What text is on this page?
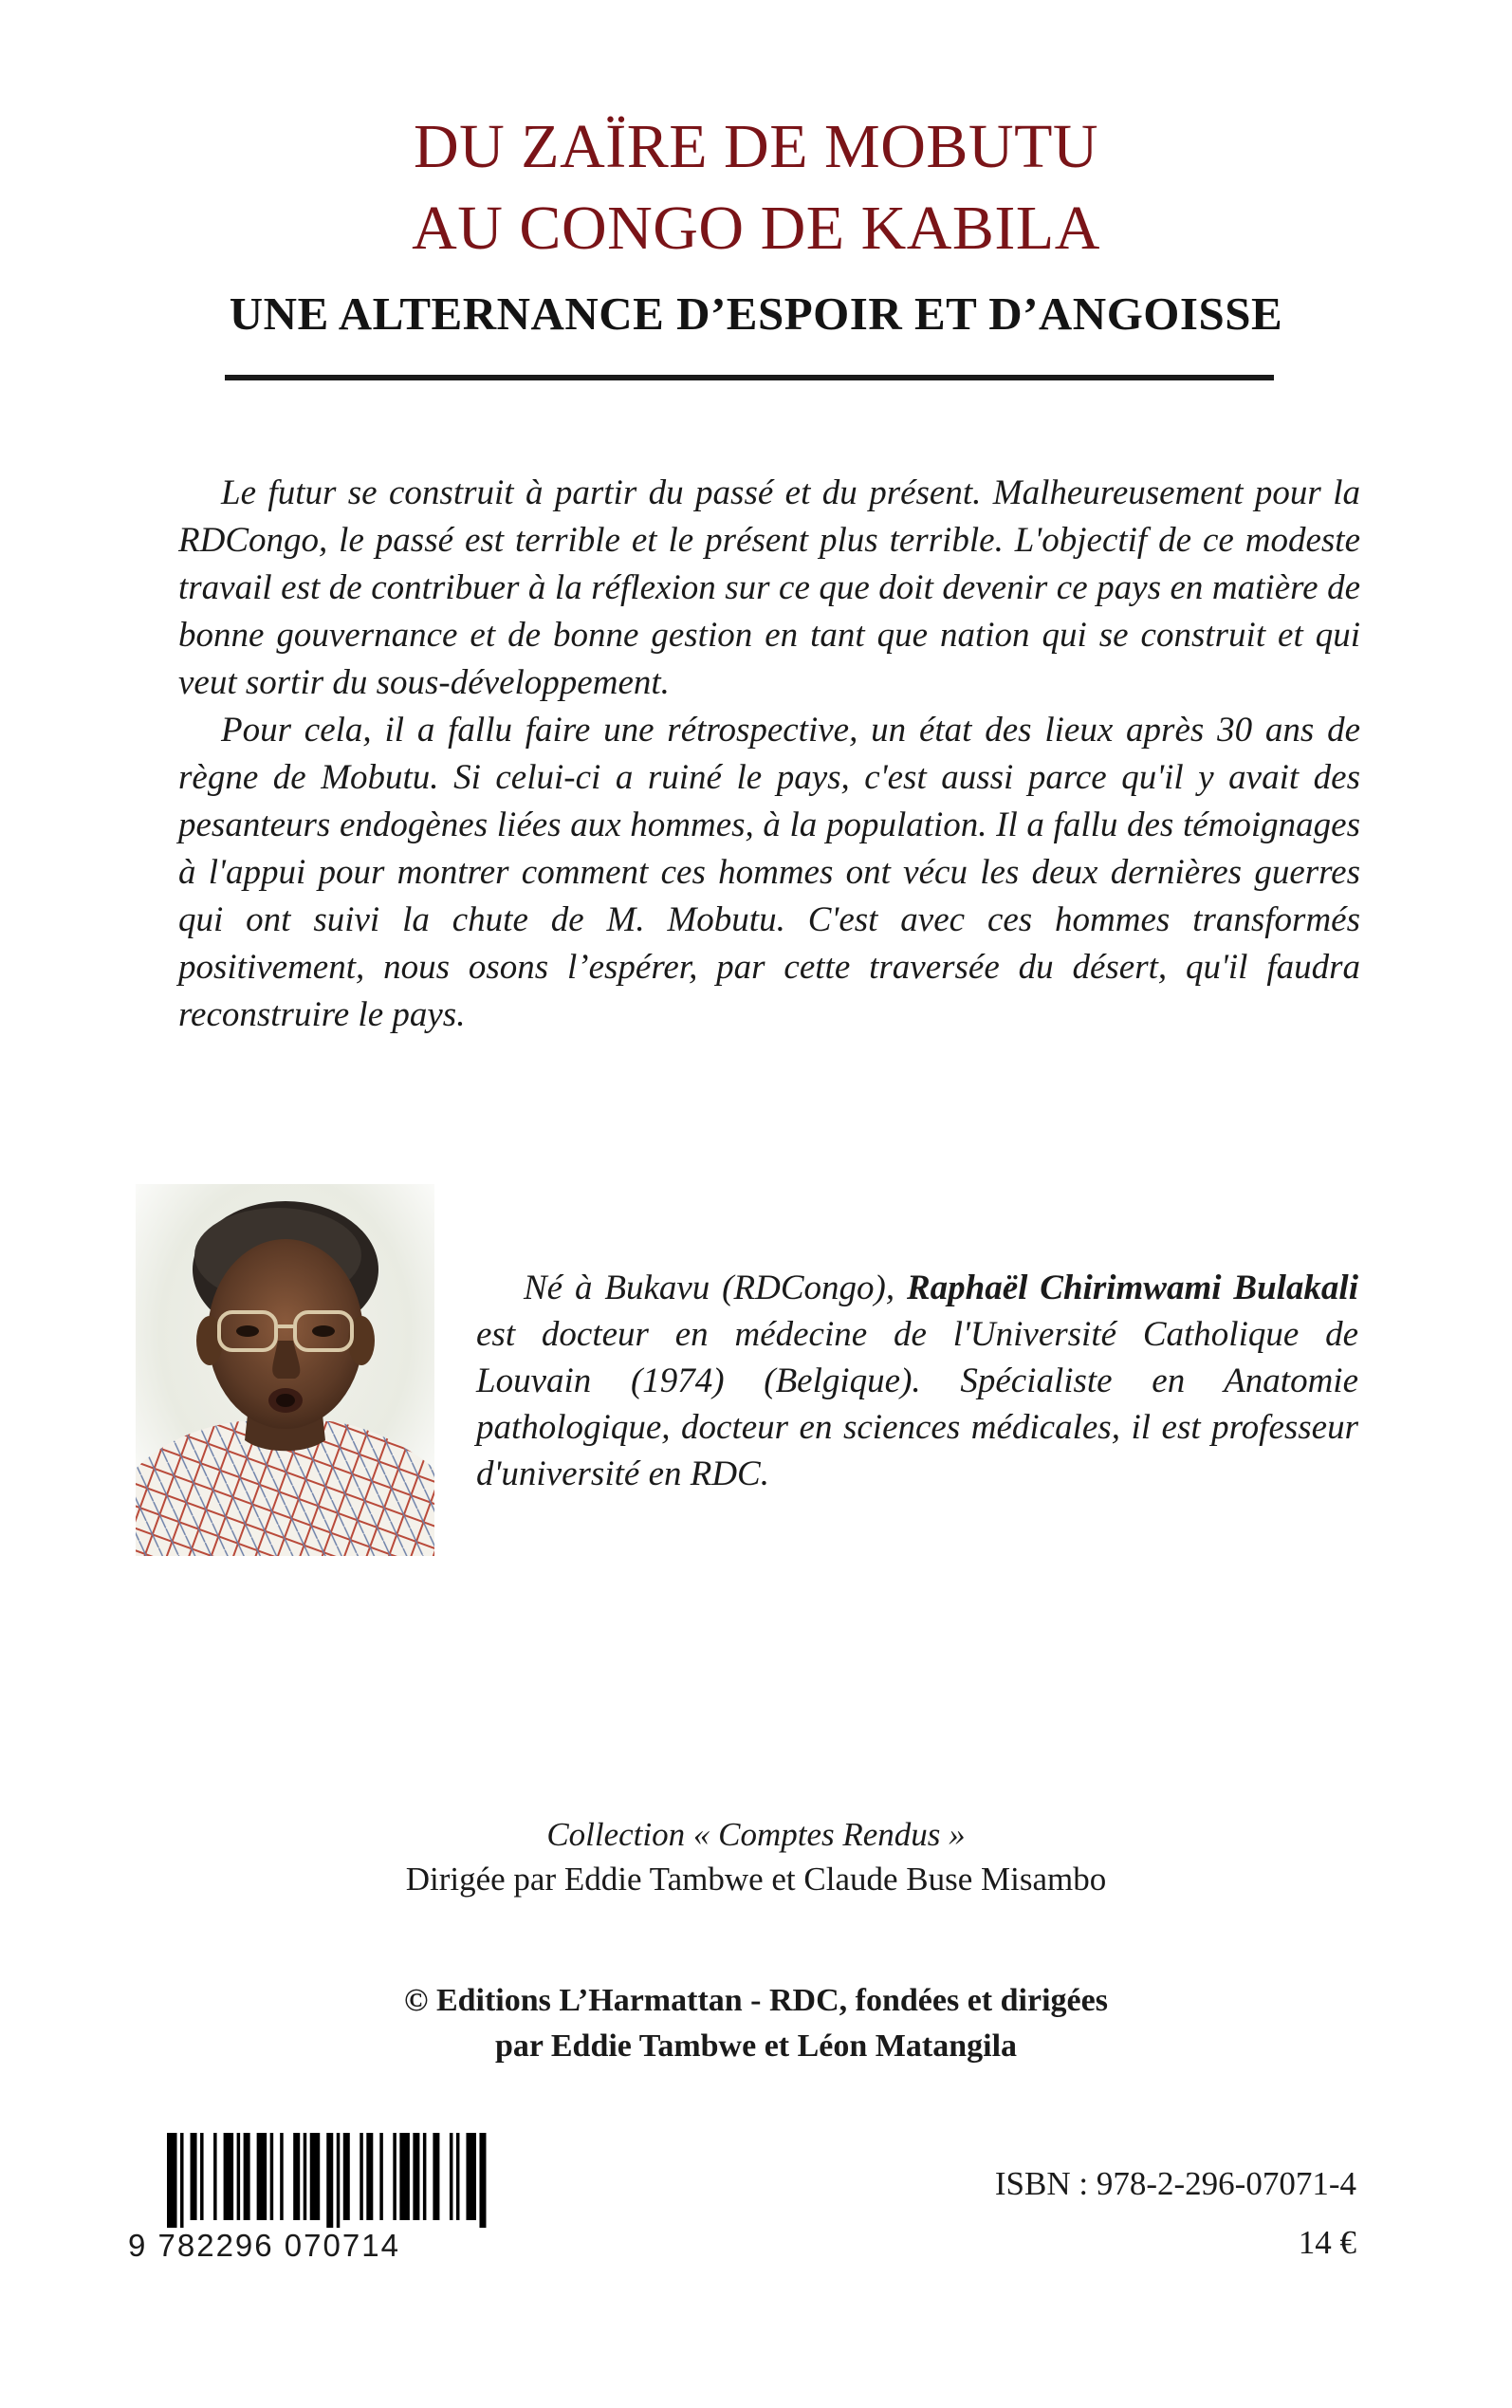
DU ZAÏRE DE MOBUTU
AU CONGO DE KABILA
UNE ALTERNANCE D’ESPOIR ET D’ANGOISSE

Le futur se construit à partir du passé et du présent. Malheureusement pour la RDCongo, le passé est terrible et le présent plus terrible. L'objectif de ce modeste travail est de contribuer à la réflexion sur ce que doit devenir ce pays en matière de bonne gouvernance et de bonne gestion en tant que nation qui se construit et qui veut sortir du sous-développement.

Pour cela, il a fallu faire une rétrospective, un état des lieux après 30 ans de règne de Mobutu. Si celui-ci a ruiné le pays, c'est aussi parce qu'il y avait des pesanteurs endogènes liées aux hommes, à la population. Il a fallu des témoignages à l'appui pour montrer comment ces hommes ont vécu les deux dernières guerres qui ont suivi la chute de M. Mobutu. C'est avec ces hommes transformés positivement, nous osons l’espérer, par cette traversée du désert, qu'il faudra reconstruire le pays.

Né à Bukavu (RDCongo), Raphaël Chirimwami Bulakali est docteur en médecine de l'Université Catholique de Louvain (1974) (Belgique). Spécialiste en Anatomie pathologique, docteur en sciences médicales, il est professeur d'université en RDC.

Collection « Comptes Rendus »
Dirigée par Eddie Tambwe et Claude Buse Misambo
© Editions L’Harmattan - RDC, fondées et dirigées
par Eddie Tambwe et Léon Matangila
9 782296 070714
ISBN : 978-2-296-07071-4
14 €
